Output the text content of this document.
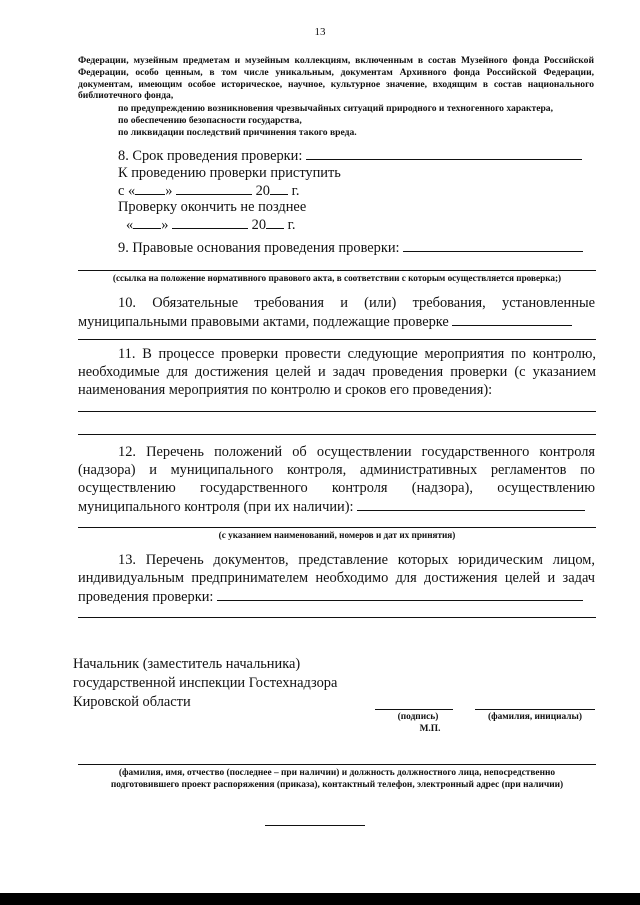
13
Федерации, музейным предметам и музейным коллекциям, включенным в состав Музейного фонда Российской Федерации, особо ценным, в том числе уникальным, документам Архивного фонда Российской Федерации, документам, имеющим особое историческое, научное, культурное значение, входящим в состав национального библиотечного фонда,
по предупреждению возникновения чрезвычайных ситуаций природного и техногенного характера,
по обеспечению безопасности государства,
по ликвидации последствий причинения такого вреда.
8. Срок проведения проверки:
К проведению проверки приступить
с « »	20 г.
Проверку окончить не позднее
« »	20 г.
9. Правовые основания проведения проверки:
(ссылка на положение нормативного правового акта, в соответствии с которым осуществляется проверка;)
10. Обязательные требования и (или) требования, установленные
муниципальными правовыми актами, подлежащие проверке
11. В процессе проверки провести следующие мероприятия по контролю, необходимые для достижения целей и задач проведения проверки (с указанием наименования мероприятия по контролю и сроков его проведения):
12. Перечень положений об осуществлении государственного контроля (надзора) и муниципального контроля, административных регламентов по осуществлению государственного контроля (надзора), осуществлению
муниципального контроля (при их наличии):
(с указанием наименований, номеров и дат их принятия)
13. Перечень документов, представление которых юридическим лицом, индивидуальным предпринимателем необходимо для достижения целей и задач
проведения проверки:
Начальник (заместитель начальника)
государственной инспекции Гостехнадзора
Кировской области
(подпись)	(фамилия, инициалы)
М.П.
(фамилия, имя, отчество (последнее – при наличии) и должность должностного лица, непосредственно
подготовившего проект распоряжения (приказа), контактный телефон, электронный адрес (при наличии)
